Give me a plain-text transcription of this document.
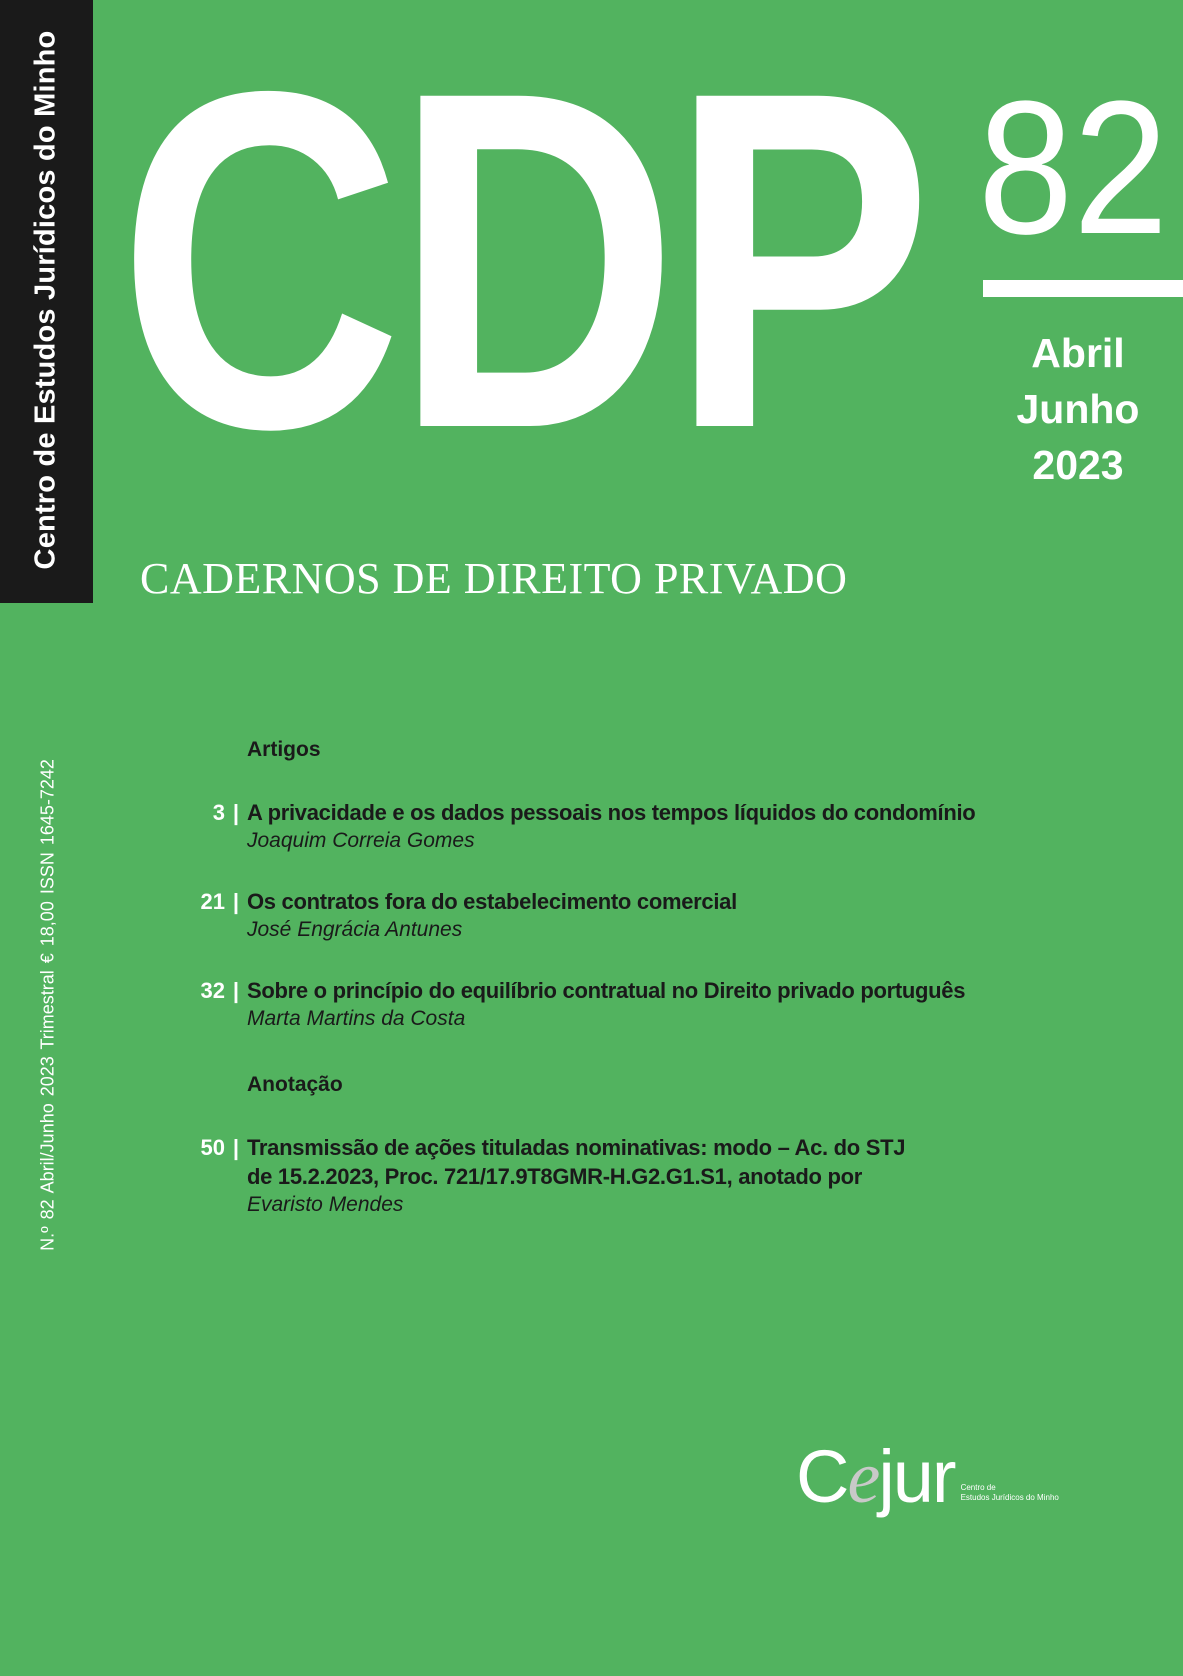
Centro de Estudos Jurídicos do Minho
N.º 82 Abril/Junho 2023 Trimestral € 18,00 ISSN 1645-7242
CDP 82
Abril
Junho
2023
CADERNOS DE DIREITO PRIVADO
Artigos
3 | A privacidade e os dados pessoais nos tempos líquidos do condomínio
Joaquim Correia Gomes
21 | Os contratos fora do estabelecimento comercial
José Engrácia Antunes
32 | Sobre o princípio do equilíbrio contratual no Direito privado português
Marta Martins da Costa
Anotação
50 | Transmissão de ações tituladas nominativas: modo – Ac. do STJ
de 15.2.2023, Proc. 721/17.9T8GMR-H.G2.G1.S1, anotado por
Evaristo Mendes
Cejur Centro de
Estudos Jurídicos do Minho
